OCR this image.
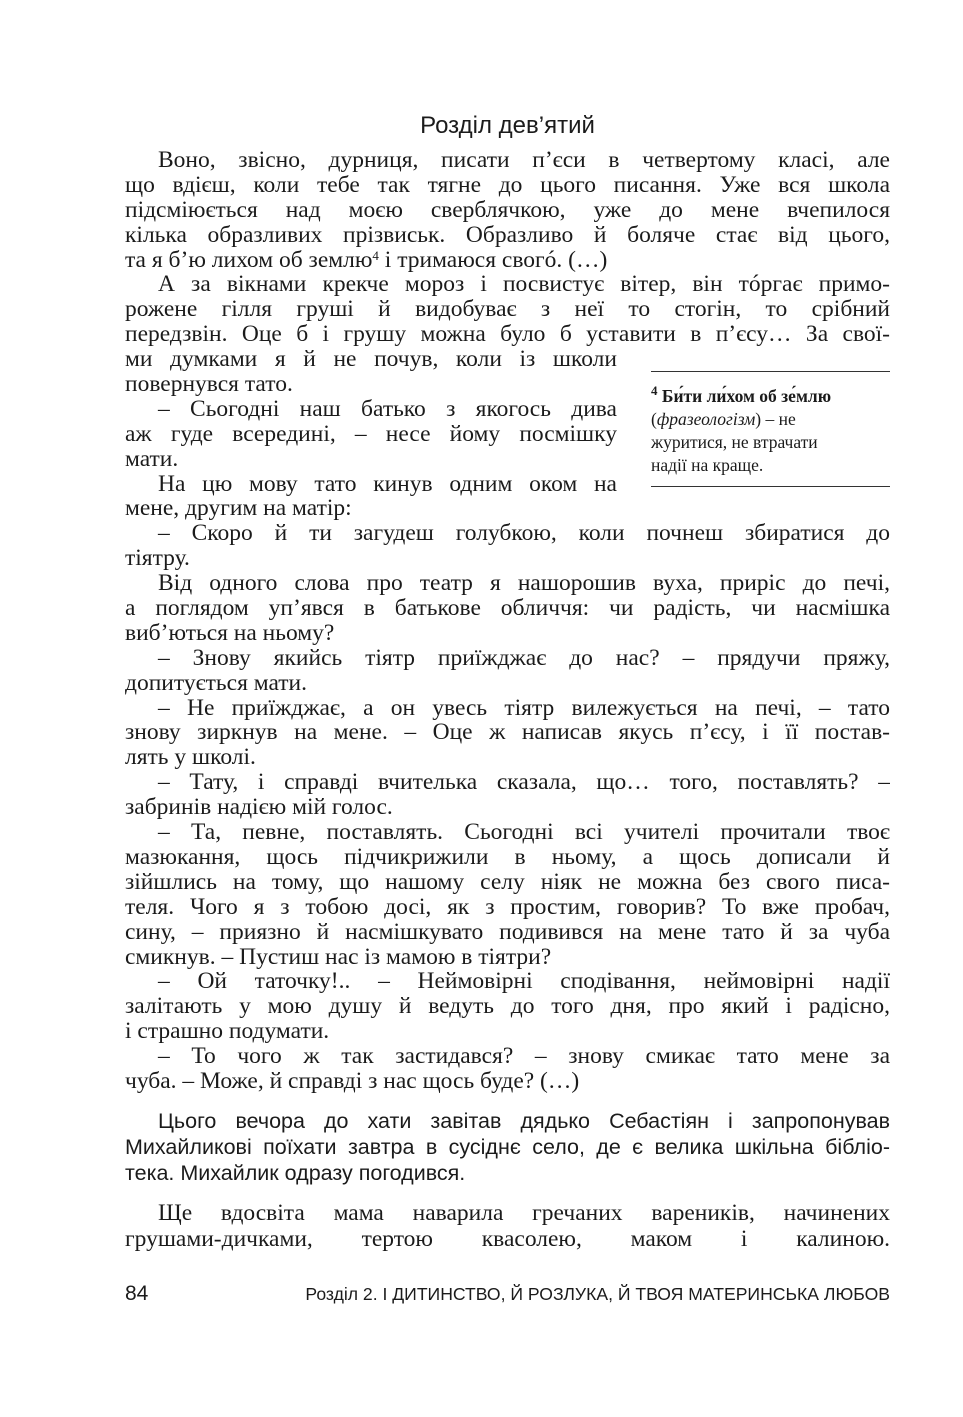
Розділ дев’ятий
Воно, звісно, дурниця, писати п’єси в четвертому класі, але
що вдієш, коли тебе так тягне до цього писання. Уже вся школа
підсміюється над моєю сверблячкою, уже до мене вчепилося
кілька образливих прізвиськ. Образливо й боляче стає від цього,
та я б’ю лихом об землю$^4$ і тримаюся свогó. (…)
А за вікнами крекче мороз і посвистує вітер, він тóргає примо-
рожене гілля груші й видобуває з неї то стогін, то срібний
передзвін. Оце б і грушу можна було б уставити в п’єсу… За свої-
ми думками я й не почув, коли із школи
повернувся тато.
– Сьогодні наш батько з якогось дива
аж гуде всередині, – несе йому посмішку
мати.
На цю мову тато кинув одним оком на
мене, другим на матір:
– Скоро й ти загудеш голубкою, коли почнеш збиратися до
тіятру.
Від одного слова про театр я нашорошив вуха, приріс до печі,
а поглядом уп’явся в батькове обличчя: чи радість, чи насмішка
виб’ються на ньому?
– Знову якийсь тіятр приїжджає до нас? – прядучи пряжу,
допитується мати.
– Не приїжджає, а он увесь тіятр вилежується на печі, – тато
знову зиркнув на мене. – Оце ж написав якусь п’єсу, і її постав-
лять у школі.
– Тату, і справді вчителька сказала, що… того, поставлять? –
забринів надією мій голос.
– Та, певне, поставлять. Сьогодні всі учителі прочитали твоє
мазюкання, щось підчикрижили в ньому, а щось дописали й
зійшлись на тому, що нашому селу ніяк не можна без свого писа-
теля. Чого я з тобою досі, як з простим, говорив? То вже пробач,
сину, – приязно й насмішкувато подивився на мене тато й за чуба
смикнув. – Пустиш нас із мамою в тіятри?
– Ой таточку!.. – Неймовірні сподівання, неймовірні надії
залітають у мою душу й ведуть до того дня, про який і радісно,
і страшно подумати.
– То чого ж так застидався? – знову смикає тато мене за
чуба. – Може, й справді з нас щось буде? (…)
$^4$ Би́ти ли́хом об зе́млю
(фразеологізм) – не
журитися, не втрачати
надії на краще.
Цього вечора до хати завітав дядько Себастіян і запропонував
Михайликові поїхати завтра в сусіднє село, де є велика шкільна бібліо-
тека. Михайлик одразу погодився.
Ще вдосвіта мама наварила гречаних вареників, начинених
грушами-дичками, тертою квасолею, маком і калиною.
84	Розділ 2. І ДИТИНСТВО, Й РОЗЛУКА, Й ТВОЯ МАТЕРИНСЬКА ЛЮБОВ
